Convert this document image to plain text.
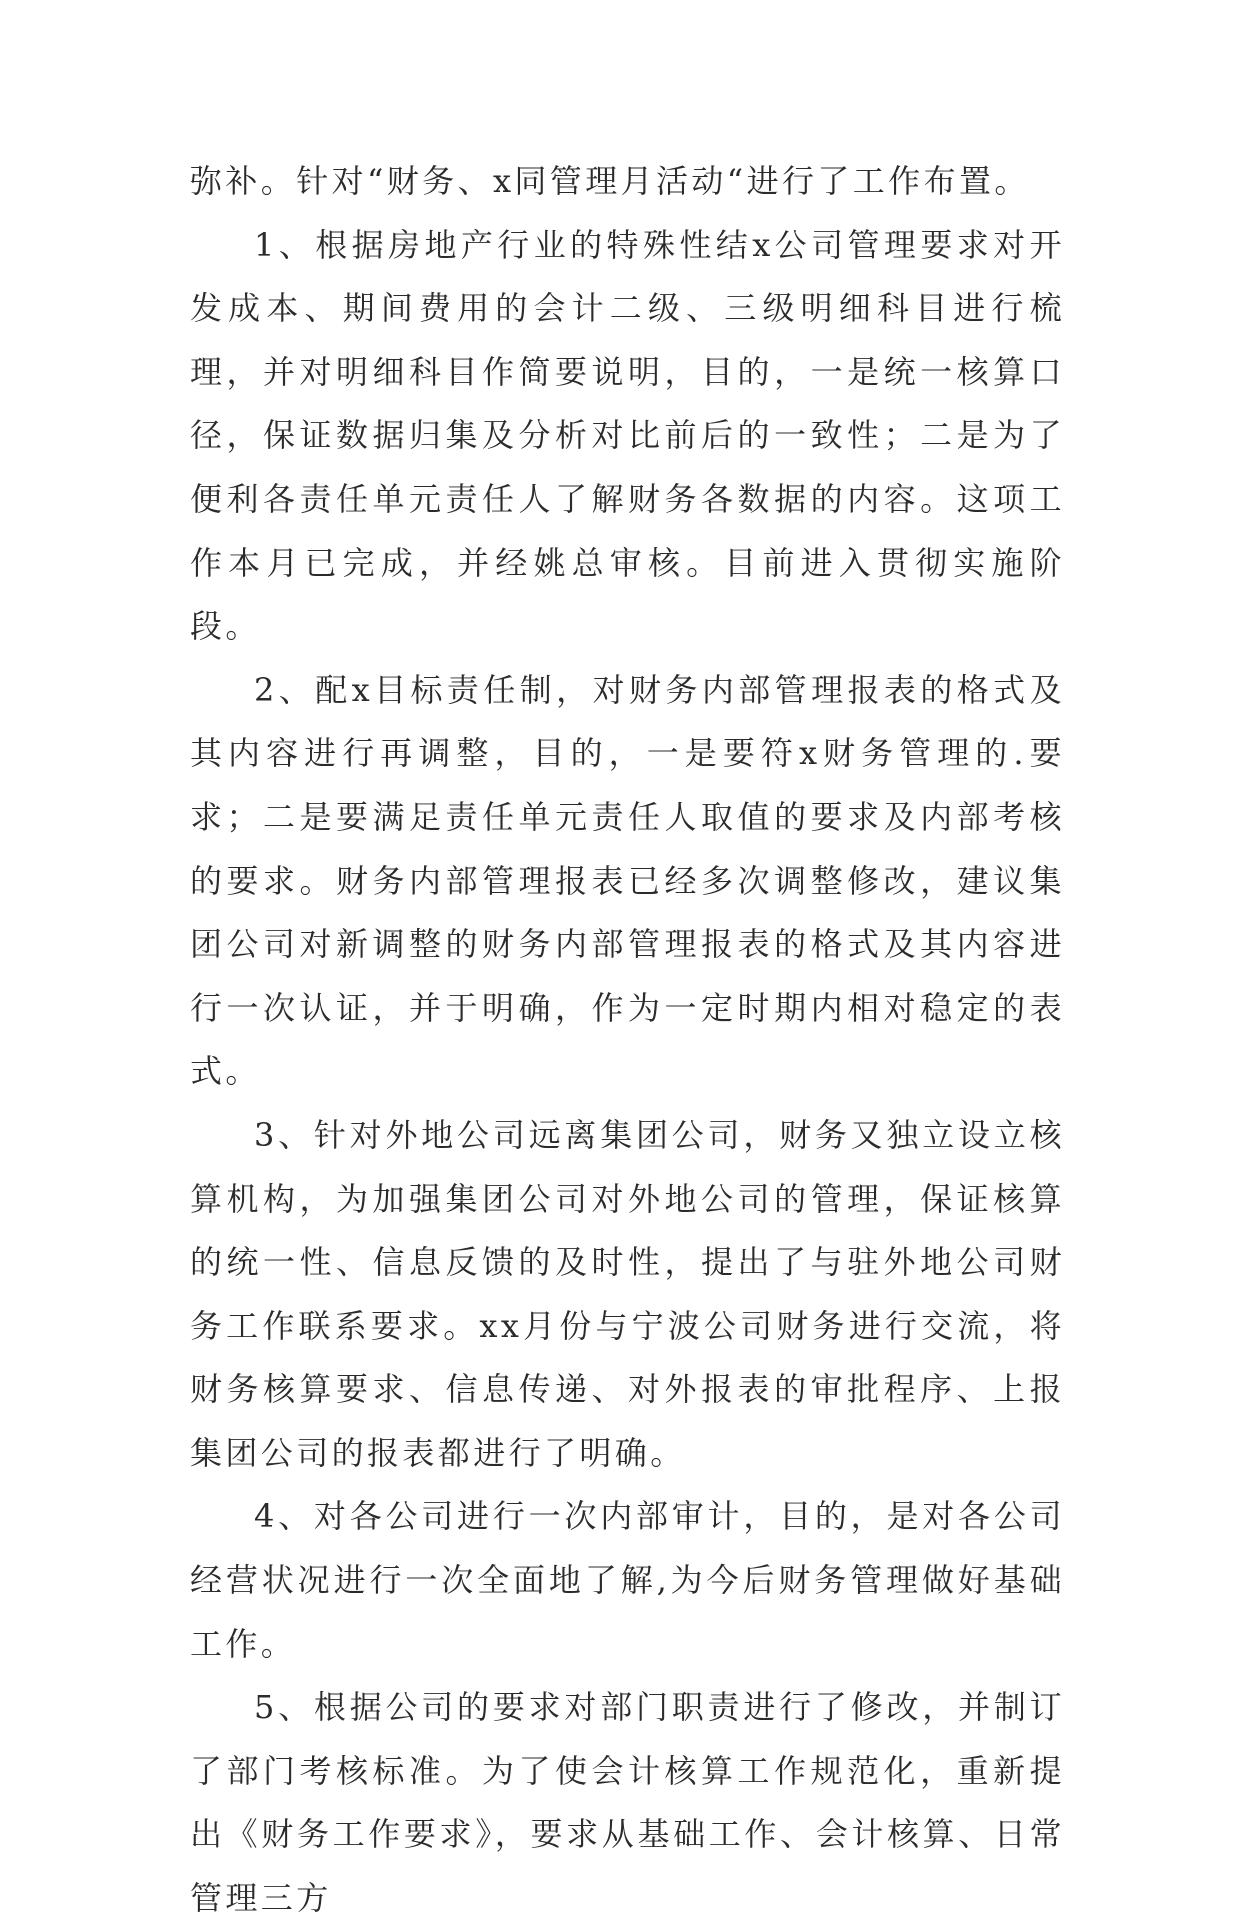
弥补。针对“财务、x同管理月活动“进行了工作布置。

1、根据房地产行业的特殊性结x公司管理要求对开发成本、期间费用的会计二级、三级明细科目进行梳理，并对明细科目作简要说明，目的，一是统一核算口径，保证数据归集及分析对比前后的一致性；二是为了便利各责任单元责任人了解财务各数据的内容。这项工作本月已完成，并经姚总审核。目前进入贯彻实施阶段。

2、配x目标责任制，对财务内部管理报表的格式及其内容进行再调整，目的，一是要符x财务管理的.要求；二是要满足责任单元责任人取值的要求及内部考核的要求。财务内部管理报表已经多次调整修改，建议集团公司对新调整的财务内部管理报表的格式及其内容进行一次认证，并于明确，作为一定时期内相对稳定的表式。

3、针对外地公司远离集团公司，财务又独立设立核算机构，为加强集团公司对外地公司的管理，保证核算的统一性、信息反馈的及时性，提出了与驻外地公司财务工作联系要求。xx月份与宁波公司财务进行交流，将财务核算要求、信息传递、对外报表的审批程序、上报集团公司的报表都进行了明确。

4、对各公司进行一次内部审计，目的，是对各公司经营状况进行一次全面地了解,为今后财务管理做好基础工作。

5、根据公司的要求对部门职责进行了修改，并制订了部门考核标准。为了使会计核算工作规范化，重新提出《财务工作要求》，要求从基础工作、会计核算、日常管理三方
